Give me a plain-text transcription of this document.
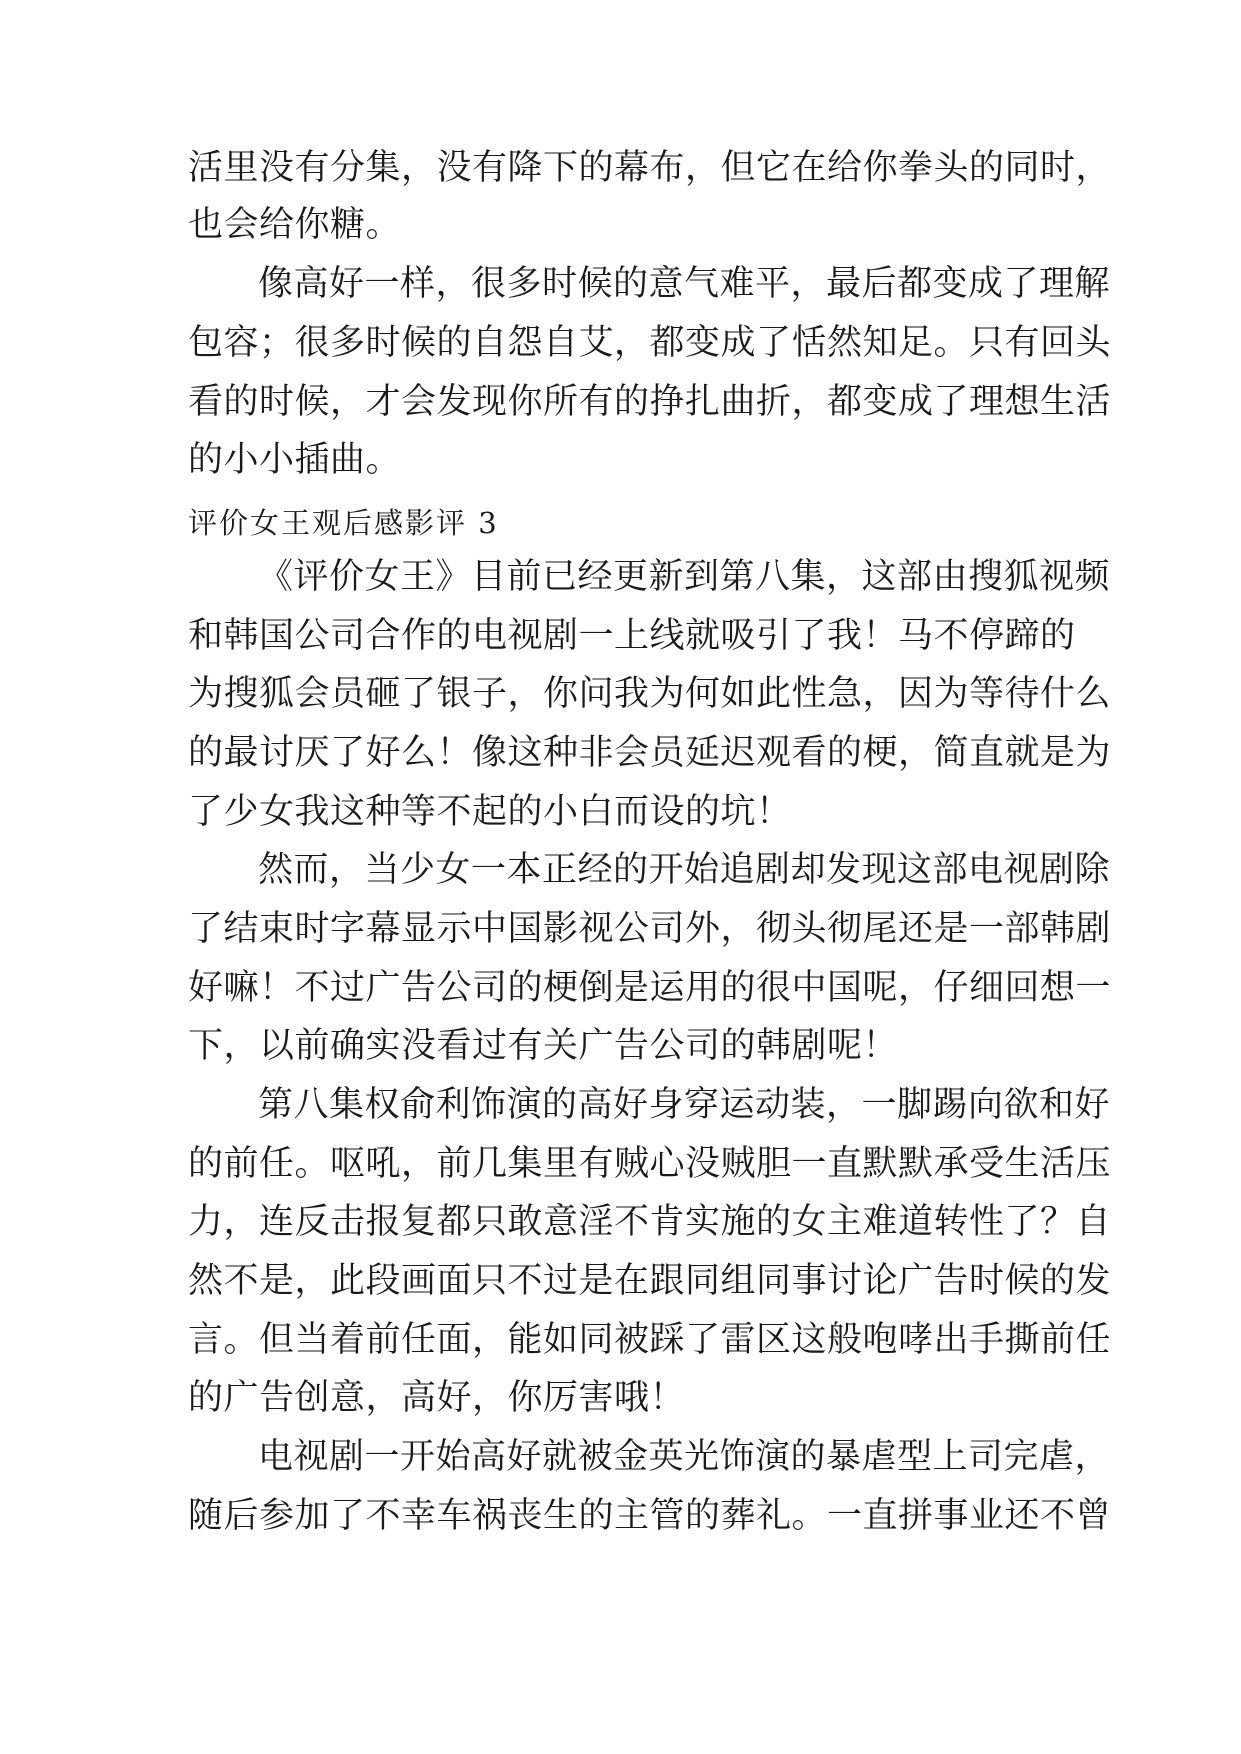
活里没有分集，没有降下的幕布，但它在给你拳头的同时，
也会给你糖。
像高好一样，很多时候的意气难平，最后都变成了理解
包容；很多时候的自怨自艾，都变成了恬然知足。只有回头
看的时候，才会发现你所有的挣扎曲折，都变成了理想生活
的小小插曲。
评价女王观后感影评 3
《评价女王》目前已经更新到第八集，这部由搜狐视频
和韩国公司合作的电视剧一上线就吸引了我！马不停蹄的
为搜狐会员砸了银子，你问我为何如此性急，因为等待什么
的最讨厌了好么！像这种非会员延迟观看的梗，简直就是为
了少女我这种等不起的小白而设的坑！
然而，当少女一本正经的开始追剧却发现这部电视剧除
了结束时字幕显示中国影视公司外，彻头彻尾还是一部韩剧
好嘛！不过广告公司的梗倒是运用的很中国呢，仔细回想一
下，以前确实没看过有关广告公司的韩剧呢！
第八集权俞利饰演的高好身穿运动装，一脚踢向欲和好
的前任。呕吼，前几集里有贼心没贼胆一直默默承受生活压
力，连反击报复都只敢意淫不肯实施的女主难道转性了？自
然不是，此段画面只不过是在跟同组同事讨论广告时候的发
言。但当着前任面，能如同被踩了雷区这般咆哮出手撕前任
的广告创意，高好，你厉害哦！
电视剧一开始高好就被金英光饰演的暴虐型上司完虐，
随后参加了不幸车祸丧生的主管的葬礼。一直拼事业还不曾
